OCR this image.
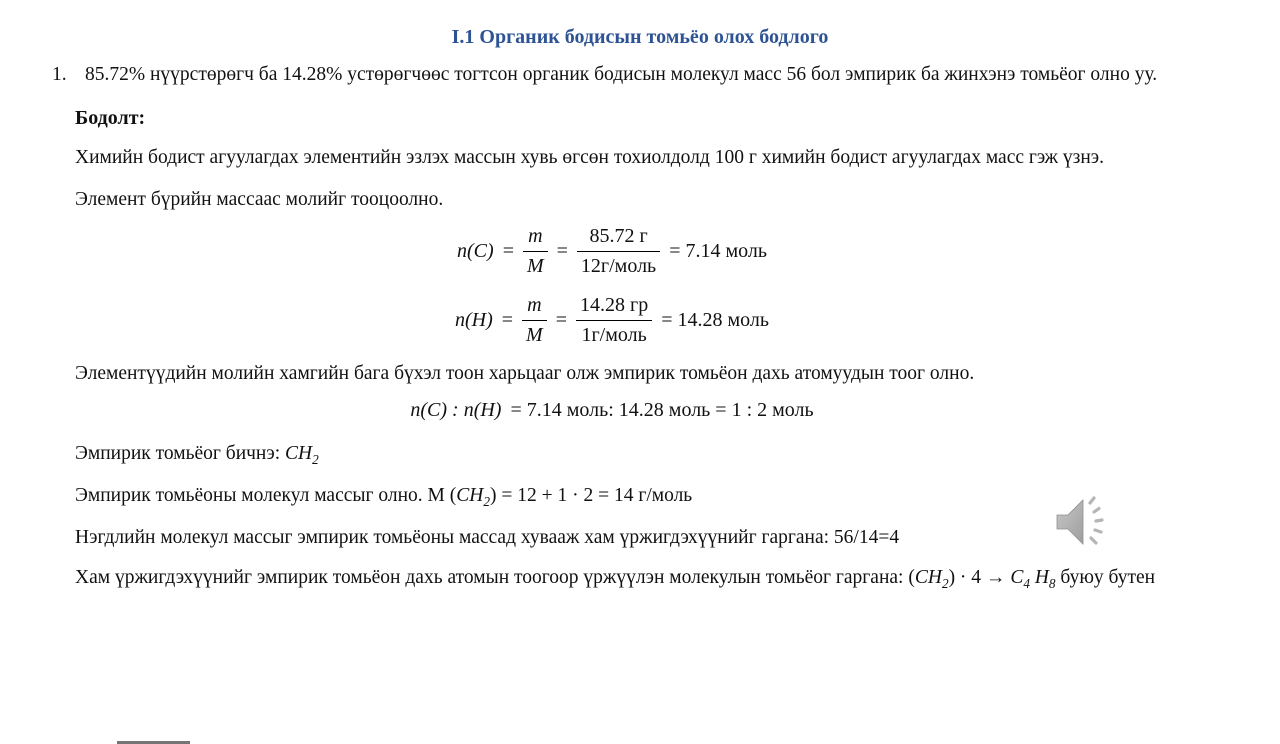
I.1 Органик бодисын томьёо олох бодлого
1. 85.72% нүүрстөрөгч ба 14.28% устөрөгчөөс тогтсон органик бодисын молекул масс 56 бол эмпирик ба жинхэнэ томьёог олно уу.

Бодолт:

Химийн бодист агуулагдах элементийн эзлэх массын хувь өгсөн тохиолдолд 100 г химийн бодист агуулагдах масс гэж үзнэ.

Элемент бүрийн массаас молийг тооцоолно.

$n(C) = \frac{m}{M} = \frac{85.72 г}{\text{12г/моль}} = 7.14$ моль
$n(H) = \frac{m}{M} = \frac{14.28 гр}{\text{1г/моль}} = 14.28$ моль

Элементүүдийн молийн хамгийн бага бүхэл тоон харьцааг олж эмпирик томьёон дахь атомуудын тоог олно.

n(C) : n(H) = 7.14 моль: 14.28 моль = 1 : 2 моль

Эмпирик томьёог бичнэ: $CH_2$

Эмпирик томьёоны молекул массыг олно. М $(CH_2) = 12 + 1 \cdot 2 = 14$ г/моль

Нэгдлийн молекул массыг эмпирик томьёоны массад хувааж хам үржигдэхүүнийг гаргана: 56/14=4

Хам үржигдэхүүнийг эмпирик томьёон дахь атомын тоогоор үржүүлэн молекулын томьёог гаргана: $(CH_2) \cdot 4 \to C_4$ $H_8$ буюу бутен
